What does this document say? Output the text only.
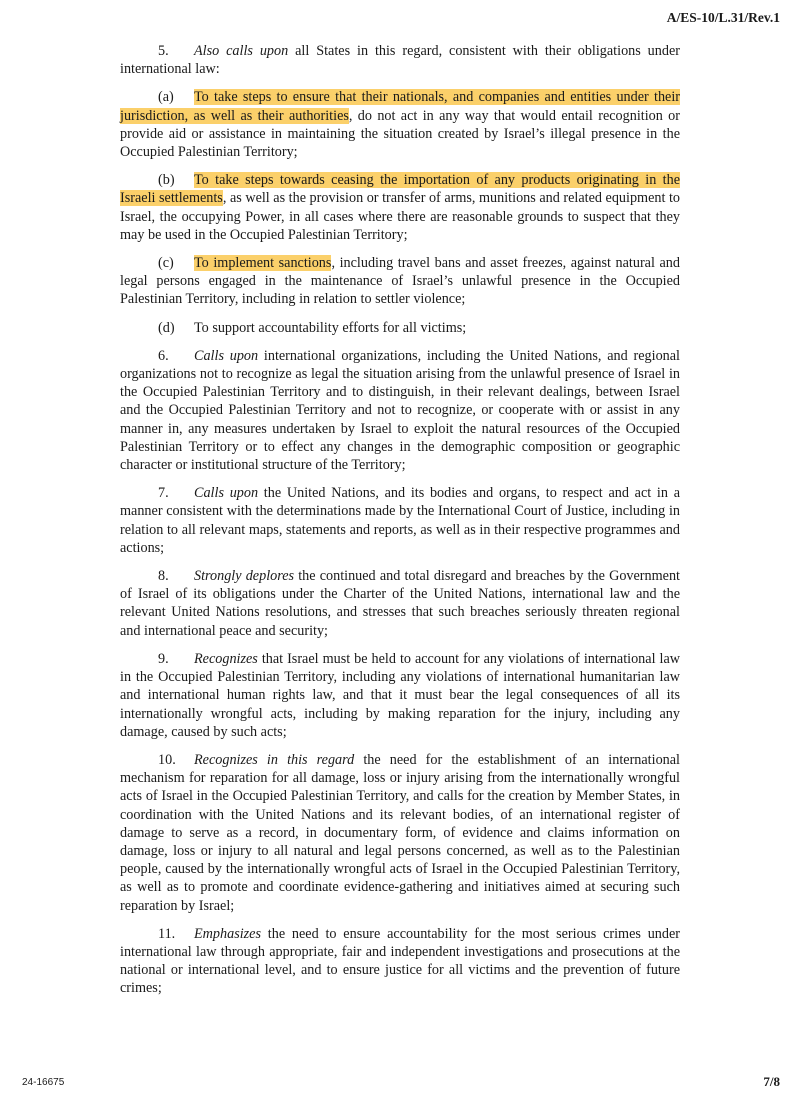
A/ES-10/L.31/Rev.1

5. Also calls upon all States in this regard, consistent with their obligations under international law:

(a) To take steps to ensure that their nationals, and companies and entities under their jurisdiction, as well as their authorities, do not act in any way that would entail recognition or provide aid or assistance in maintaining the situation created by Israel’s illegal presence in the Occupied Palestinian Territory;

(b) To take steps towards ceasing the importation of any products originating in the Israeli settlements, as well as the provision or transfer of arms, munitions and related equipment to Israel, the occupying Power, in all cases where there are reasonable grounds to suspect that they may be used in the Occupied Palestinian Territory;

(c) To implement sanctions, including travel bans and asset freezes, against natural and legal persons engaged in the maintenance of Israel’s unlawful presence in the Occupied Palestinian Territory, including in relation to settler violence;

(d) To support accountability efforts for all victims;

6. Calls upon international organizations, including the United Nations, and regional organizations not to recognize as legal the situation arising from the unlawful presence of Israel in the Occupied Palestinian Territory and to distinguish, in their relevant dealings, between Israel and the Occupied Palestinian Territory and not to recognize, or cooperate with or assist in any manner in, any measures undertaken by Israel to exploit the natural resources of the Occupied Palestinian Territory or to effect any changes in the demographic composition or geographic character or institutional structure of the Territory;

7. Calls upon the United Nations, and its bodies and organs, to respect and act in a manner consistent with the determinations made by the International Court of Justice, including in relation to all relevant maps, statements and reports, as well as in their respective programmes and actions;

8. Strongly deplores the continued and total disregard and breaches by the Government of Israel of its obligations under the Charter of the United Nations, international law and the relevant United Nations resolutions, and stresses that such breaches seriously threaten regional and international peace and security;

9. Recognizes that Israel must be held to account for any violations of international law in the Occupied Palestinian Territory, including any violations of international humanitarian law and international human rights law, and that it must bear the legal consequences of all its internationally wrongful acts, including by making reparation for the injury, including any damage, caused by such acts;

10. Recognizes in this regard the need for the establishment of an international mechanism for reparation for all damage, loss or injury arising from the internationally wrongful acts of Israel in the Occupied Palestinian Territory, and calls for the creation by Member States, in coordination with the United Nations and its relevant bodies, of an international register of damage to serve as a record, in documentary form, of evidence and claims information on damage, loss or injury to all natural and legal persons concerned, as well as to the Palestinian people, caused by the internationally wrongful acts of Israel in the Occupied Palestinian Territory, as well as to promote and coordinate evidence-gathering and initiatives aimed at securing such reparation by Israel;

11. Emphasizes the need to ensure accountability for the most serious crimes under international law through appropriate, fair and independent investigations and prosecutions at the national or international level, and to ensure justice for all victims and the prevention of future crimes;

24-16675	7/8
